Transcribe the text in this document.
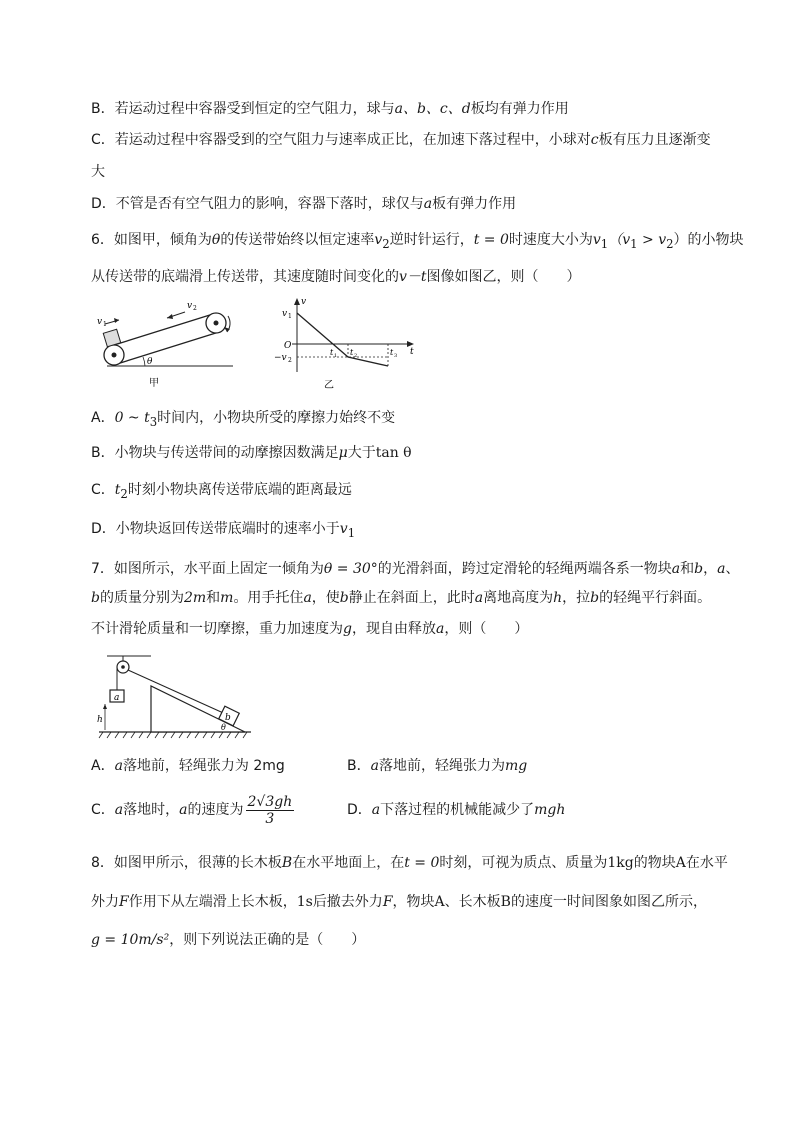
B．若运动过程中容器受到恒定的空气阻力，球与a、b、c、d板均有弹力作用
C．若运动过程中容器受到的空气阻力与速率成正比，在加速下落过程中，小球对c板有压力且逐渐变
大
D．不管是否有空气阻力的影响，容器下落时，球仅与a板有弹力作用
6．如图甲，倾角为θ的传送带始终以恒定速率$v_2$逆时针运行，t = 0时速度大小为$v_1(v_1 > v_2)$的小物块
从传送带的底端滑上传送带，其速度随时间变化的v－t图像如图乙，则（　　）
v 1
v 2
θ
甲
v
v 1
O
−v 2
t 1 t 2	t 3 t
乙
A．0 ~ $t_3$时间内，小物块所受的摩擦力始终不变
B．小物块与传送带间的动摩擦因数满足μ大于tan θ
C．$t_2$时刻小物块离传送带底端的距离最远
D．小物块返回传送带底端时的速率小于$v_1$
7．如图所示，水平面上固定一倾角为θ = 30°的光滑斜面，跨过定滑轮的轻绳两端各系一物块a和b，a、
b的质量分别为2m和m。用手托住a，使b静止在斜面上，此时a离地高度为h，拉b的轻绳平行斜面。
不计滑轮质量和一切摩擦，重力加速度为g，现自由释放a，则（　　）
a
h	b
θ
A．a落地前，轻绳张力为 2mg	B．a落地前，轻绳张力为mg
C．a落地时，a的速度为 $\frac{2√3gh}{3}$	D．a下落过程的机械能减少了mgh
8．如图甲所示，很薄的长木板B在水平地面上，在t = 0时刻，可视为质点、质量为1kg的物块A在水平
外力F作用下从左端滑上长木板，1s后撤去外力F，物块A、长木板B的速度一时间图象如图乙所示，
g = 10m/s²，则下列说法正确的是（　　）
